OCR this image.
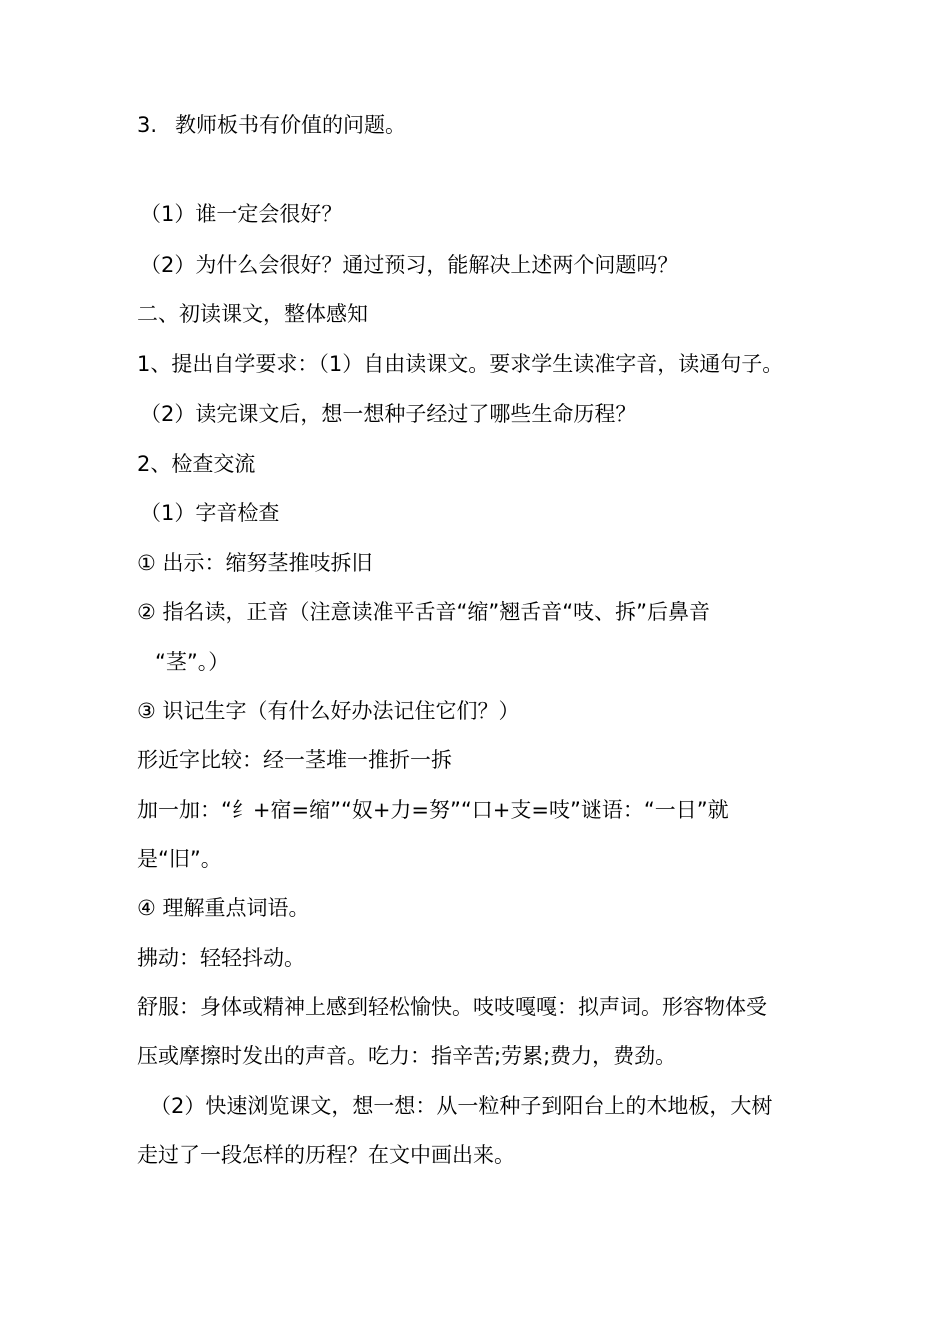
3. 教师板书有价值的问题。
（1）谁一定会很好？
（2）为什么会很好？通过预习，能解决上述两个问题吗？
二、初读课文，整体感知
1、提出自学要求：（1）自由读课文。要求学生读准字音，读通句子。
（2）读完课文后，想一想种子经过了哪些生命历程？
2、检查交流
（1）字音检查
① 出示：缩努茎推吱拆旧
② 指名读，正音（注意读准平舌音“缩”翘舌音“吱、拆”后鼻音
“茎”。）
③ 识记生字（有什么好办法记住它们？）
形近字比较：经一茎堆一推折一拆
加一加：“纟+宿=缩”“奴+力=努”“口+支=吱”谜语：“一日”就
是“旧”。
④ 理解重点词语。
拂动：轻轻抖动。
舒服：身体或精神上感到轻松愉快。吱吱嘎嘎：拟声词。形容物体受
压或摩擦时发出的声音。吃力：指辛苦;劳累;费力，费劲。
（2）快速浏览课文，想一想：从一粒种子到阳台上的木地板，大树
走过了一段怎样的历程？在文中画出来。
